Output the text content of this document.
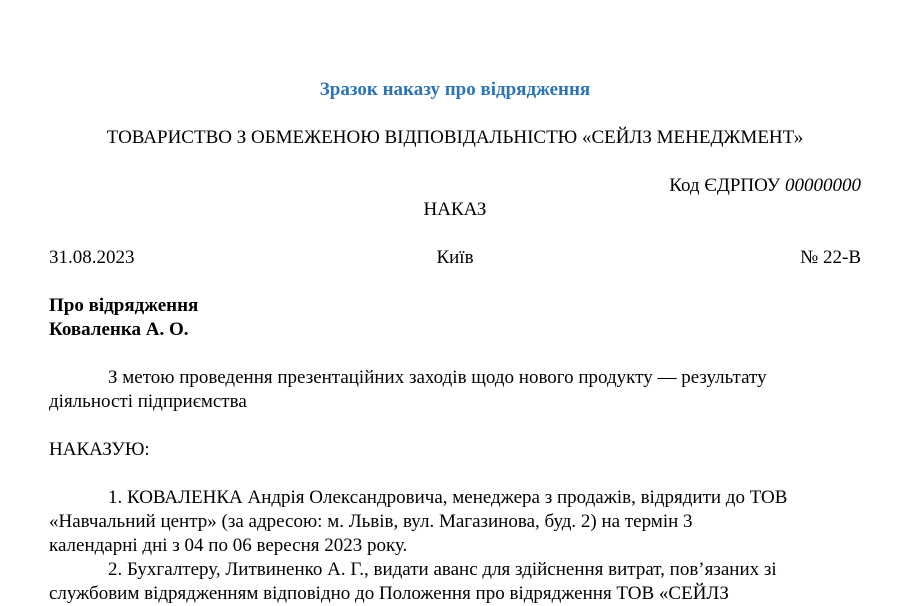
Зразок наказу про відрядження
ТОВАРИСТВО З ОБМЕЖЕНОЮ ВІДПОВІДАЛЬНІСТЮ «СЕЙЛЗ МЕНЕДЖМЕНТ»
Код ЄДРПОУ 00000000
НАКАЗ
31.08.2023	Київ	№ 22-В
Про відрядження
Коваленка А. О.
З метою проведення презентаційних заходів щодо нового продукту — результату
діяльності підприємства
НАКАЗУЮ:
1. КОВАЛЕНКА Андрія Олександровича, менеджера з продажів, відрядити до ТОВ
«Навчальний центр» (за адресою: м. Львів, вул. Магазинова, буд. 2) на термін 3
календарні дні з 04 по 06 вересня 2023 року.
2. Бухгалтеру, Литвиненко А. Г., видати аванс для здійснення витрат, пов’язаних зі
службовим відрядженням відповідно до Положення про відрядження ТОВ «СЕЙЛЗ
